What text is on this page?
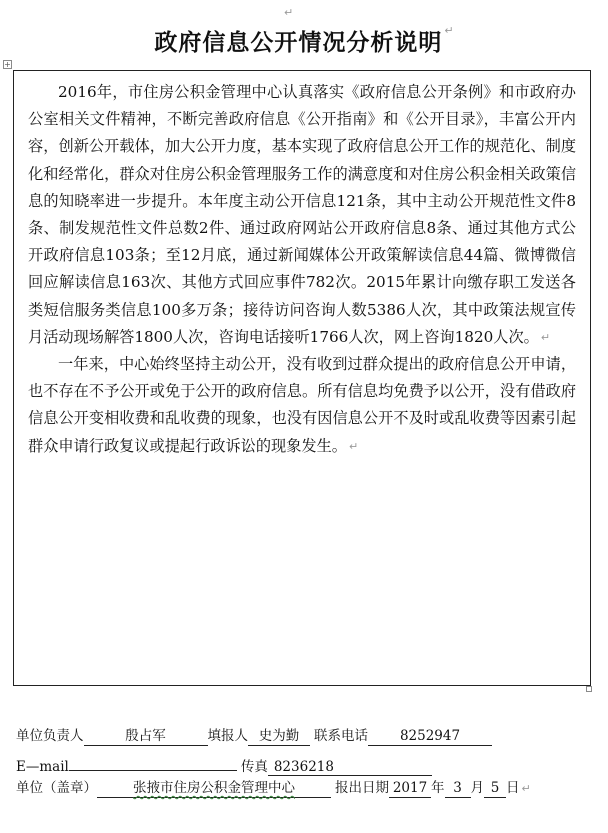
↵
政府信息公开情况分析说明 ↵
+

2016年，市住房公积金管理中心认真落实《政府信息公开条例》和市政府办公室相关文件精神，不断完善政府信息《公开指南》和《公开目录》，丰富公开内容，创新公开载体，加大公开力度，基本实现了政府信息公开工作的规范化、制度化和经常化，群众对住房公积金管理服务工作的满意度和对住房公积金相关政策信息的知晓率进一步提升。本年度主动公开信息121条，其中主动公开规范性文件8条、制发规范性文件总数2件、通过政府网站公开政府信息8条、通过其他方式公开政府信息103条；至12月底，通过新闻媒体公开政策解读信息44篇、微博微信回应解读信息163次、其他方式回应事件782次。2015年累计向缴存职工发送各类短信服务类信息100多万条；接待访问咨询人数5386人次，其中政策法规宣传月活动现场解答1800人次，咨询电话接听1766人次，网上咨询1820人次。 ↵

一年来，中心始终坚持主动公开，没有收到过群众提出的政府信息公开申请，也不存在不予公开或免于公开的政府信息。所有信息均免费予以公开，没有借政府信息公开变相收费和乱收费的现象，也没有因信息公开不及时或乱收费等因素引起群众申请行政复议或提起行政诉讼的现象发生。 ↵

单位负责人	殷占军	填报人 史为勤 联系电话 8252947
E—mail	传真 8236218
单位（盖章）	张掖市住房公积金管理中心	报出日期 2017 年 3 月 5 日 ↵
